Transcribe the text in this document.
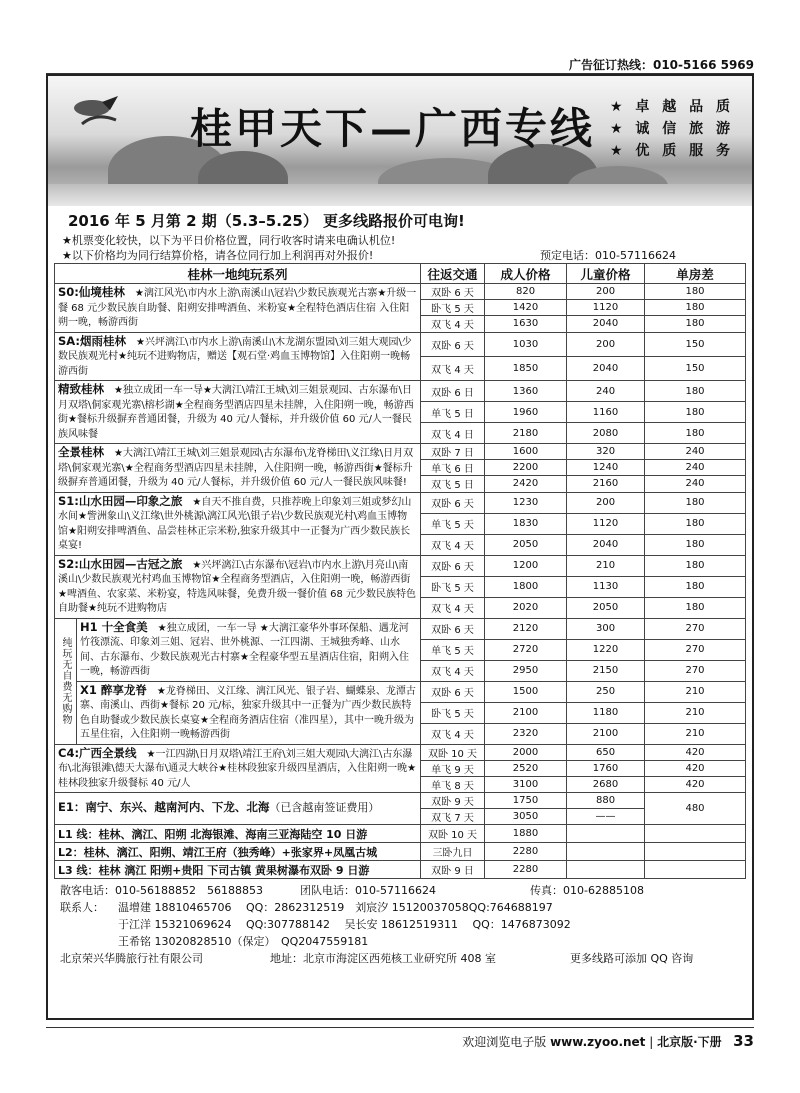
广告征订热线：010-5166 5969
桂甲天下—广西专线 ★ 卓 越 品 质
★ 诚 信 旅 游
★ 优 质 服 务
2016 年 5 月第 2 期（5.3–5.25） 更多线路报价可电询!
★机票变化较快，以下为平日价格位置，同行收客时请来电确认机位!
★以下价格均为同行结算价格，请各位同行加上利润再对外报价!	预定电话：010-57116624
桂林一地纯玩系列		往返交通	成人价格	儿童价格	单房差
S0:仙境桂林　 ★漓江风光\市内水上游\南溪山\冠岩\少数民族观光古寨★升级一餐 68 元少数民族自助餐、阳朔安排啤酒鱼、米粉宴★全程特色酒店住宿 入住阳朔一晚，畅游西街		双卧 6 天	820	200	180
		卧飞 5 天	1420	1120	180
		双飞 4 天	1630	2040	180
SA:烟雨桂林　 ★兴坪漓江\市内水上游\南溪山\木龙湖东盟园\刘三姐大观园\少数民族观光村★纯玩不进购物店，赠送【观石堂·鸡血玉博物馆】入住阳朔一晚畅游西街		双卧 6 天	1030	200	150
		双飞 4 天	1850	2040	150
精致桂林　 ★独立成团一车一导★大漓江\靖江王城\刘三姐景观园、古东瀑布\日月双塔\侗家观光寨\榕杉湖★全程商务型酒店四星未挂牌，入住阳朔一晚，畅游西街★餐标升级摒弃普通团餐，升级为 40 元/人餐标，并升级价值 60 元/人一餐民族风味餐		双卧 6 日	1360	240	180
		单飞 5 日	1960	1160	180
		双飞 4 日	2180	2080	180
全景桂林　 ★大漓江\靖江王城\刘三姐景观园\古东瀑布\龙脊梯田\义江缘\日月双塔\侗家观光寨\★全程商务型酒店四星未挂牌，入住阳朔一晚，畅游西街★餐标升级摒弃普通团餐，升级为 40 元/人餐标，并升级价值 60 元/人一餐民族风味餐!		双卧 7 日	1600	320	240
		单飞 6 日	2200	1240	240
		双飞 5 日	2420	2160	240
S1:山水田园—印象之旅　 ★自天不推自费，只推荐晚上印象刘三姐或梦幻山水间★訾洲象山\义江缘\世外桃源\漓江风光\银子岩\少数民族观光村\鸡血玉博物馆★阳朔安排啤酒鱼、品尝桂林正宗米粉,独家升级其中一正餐为广西少数民族长桌宴!		双卧 6 天	1230	200	180
		单飞 5 天	1830	1120	180
		双飞 4 天	2050	2040	180
S2:山水田园—古冠之旅　 ★兴坪漓江\古东瀑布\冠岩\市内水上游\月亮山\南溪山\少数民族观光村鸡血玉博物馆★全程商务型酒店，入住阳朔一晚，畅游西街★啤酒鱼、农家菜、米粉宴，特选风味餐，免费升级一餐价值 68 元少数民族特色自助餐★纯玩不进购物店		双卧 6 天	1200	210	180
		卧飞 5 天	1800	1130	180
		双飞 4 天	2020	2050	180
纯玩无自费无购物	H1 十全食美　 ★独立成团，一车一导 ★大漓江豪华外事环保船、遇龙河竹筏漂流、印象刘三姐、冠岩、世外桃源、一江四湖、王城独秀峰、山水间、古东瀑布、少数民族观光古村寨★全程豪华型五星酒店住宿，阳朔入住一晚，畅游西街	双卧 6 天	2120	300	270
		单飞 5 天	2720	1220	270
		双飞 4 天	2950	2150	270
	X1 醉享龙脊　 ★龙脊梯田、义江缘、漓江风光、银子岩、蝴蝶泉、龙潭古寨、南溪山、西街★餐标 20 元/标，独家升级其中一正餐为广西少数民族特色自助餐或少数民族长桌宴★全程商务酒店住宿（准四星），其中一晚升级为五星住宿，入住阳朔一晚畅游西街	双卧 6 天	1500	250	210
		卧飞 5 天	2100	1180	210
		双飞 4 天	2320	2100	210
C4:广西全景线　 ★一江四湖\日月双塔\靖江王府\刘三姐大观园\大漓江\古东瀑布\北海银滩\德天大瀑布\通灵大峡谷★桂林段独家升级四星酒店，入住阳朔一晚★桂林段独家升级餐标 40 元/人		双卧 10 天	2000	650	420
		单飞 9 天	2520	1760	420
		单飞 8 天	3100	2680	420
E1：南宁、东兴、越南河内、下龙、北海（已含越南签证费用）		双卧 9 天	1750	880	480
		双飞 7 天	3050	——	
L1 线：桂林、漓江、阳朔 北海银滩、海南三亚海陆空 10 日游		双卧 10 天	1880		
L2：桂林、漓江、阳朔、靖江王府（独秀峰）+张家界+凤凰古城		三卧九日	2280		
L3 线：桂林 漓江 阳朔+贵阳 下司古镇 黄果树瀑布双卧 9 日游		双卧 9 日	2280		
散客电话：010-56188852　56188853	团队电话：010-57116624	传真：010-62885108
联系人：	温增建 18810465706　 QQ：2862312519　刘宸汐 15120037058QQ:764688197
于江洋 15321069624　 QQ:307788142　 吴长安 18612519311　 QQ：1476873092
王希铭 13020828510（保定）　QQ2047559181
北京荣兴华腾旅行社有限公司	地址：北京市海淀区西苑核工业研究所 408 室	更多线路可添加 QQ 咨询
欢迎浏览电子版 www.zyoo.net | 北京版·下册 33
